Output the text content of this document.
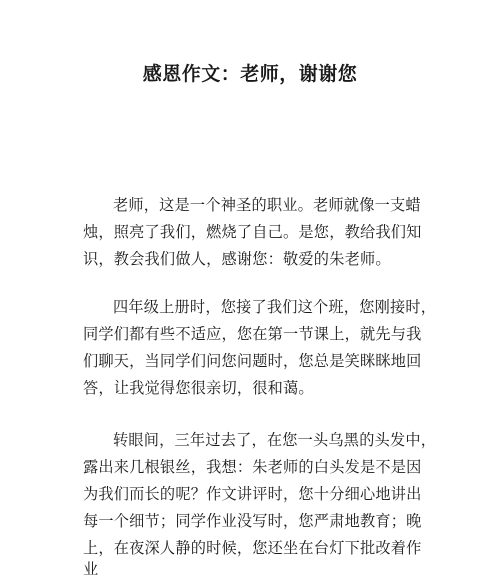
感恩作文：老师，谢谢您
老师，这是一个神圣的职业。老师就像一支蜡
烛，照亮了我们，燃烧了自己。是您，教给我们知
识，教会我们做人，感谢您：敬爱的朱老师。
四年级上册时，您接了我们这个班，您刚接时，
同学们都有些不适应，您在第一节课上，就先与我
们聊天，当同学们问您问题时，您总是笑眯眯地回
答，让我觉得您很亲切，很和蔼。
转眼间，三年过去了，在您一头乌黑的头发中，
露出来几根银丝，我想：朱老师的白头发是不是因
为我们而长的呢？作文讲评时，您十分细心地讲出
每一个细节；同学作业没写时，您严肃地教育；晚
上，在夜深人静的时候，您还坐在台灯下批改着作
业
